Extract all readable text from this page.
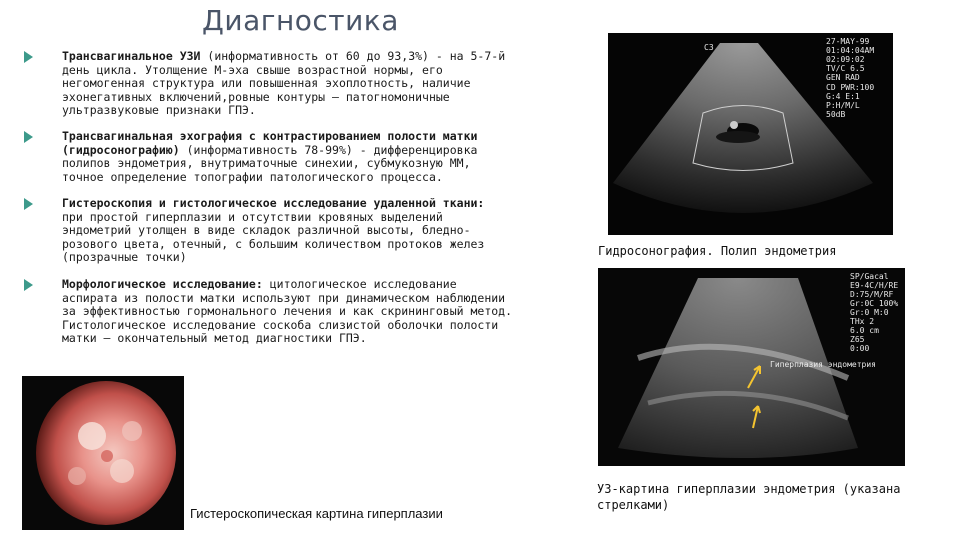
Диагностика
Трансвагинальное УЗИ (информативность от 60 до 93,3%) - на 5-7-й
день цикла. Утолщение М-эха свыше возрастной нормы, его
негомогенная структура или повышенная эхоплотность, наличие
эхонегативных включений,ровные контуры — патогномоничные
ультразвуковые признаки ГПЭ.
Трансвагинальная эхография с контрастированием полости матки
(гидросонографию) (информативность 78-99%) - дифференцировка
полипов эндометрия, внутриматочные синехии, субмукозную ММ,
точное определение топографии патологического процесса.
Гистероскопия и гистологическое исследование удаленной ткани:
при простой гиперплазии и отсутствии кровяных выделений
эндометрий утолщен в виде складок различной высоты, бледно-
розового цвета, отечный, с большим количеством протоков желез
(прозрачные точки)
Морфологическое исследование: цитологическое исследование
аспирата из полости матки используют при динамическом наблюдении
за эффективностью гормонального лечения и как скрининговый метод.
Гистологическое исследование соскоба слизистой оболочки полости
матки — окончательный метод диагностики ГПЭ.
27-MAY-99
01:04:04AM
02:09:02
TV/C 6.5
GEN RAD
C3
CD PWR:100
G:4 E:1
P:H/M/L
50dB
Гидросонография. Полип эндометрия
SP/Gacal
E9-4C/H/RE
D:75/M/RF
Gr:0C 100%
Gr:0 M:0
THx 2
6.0 cm
Z65
0:00
Гиперплазия эндометрия
УЗ-картина гиперплазии эндометрия (указана
стрелками)
Гистероскопическая картина гиперплазии
